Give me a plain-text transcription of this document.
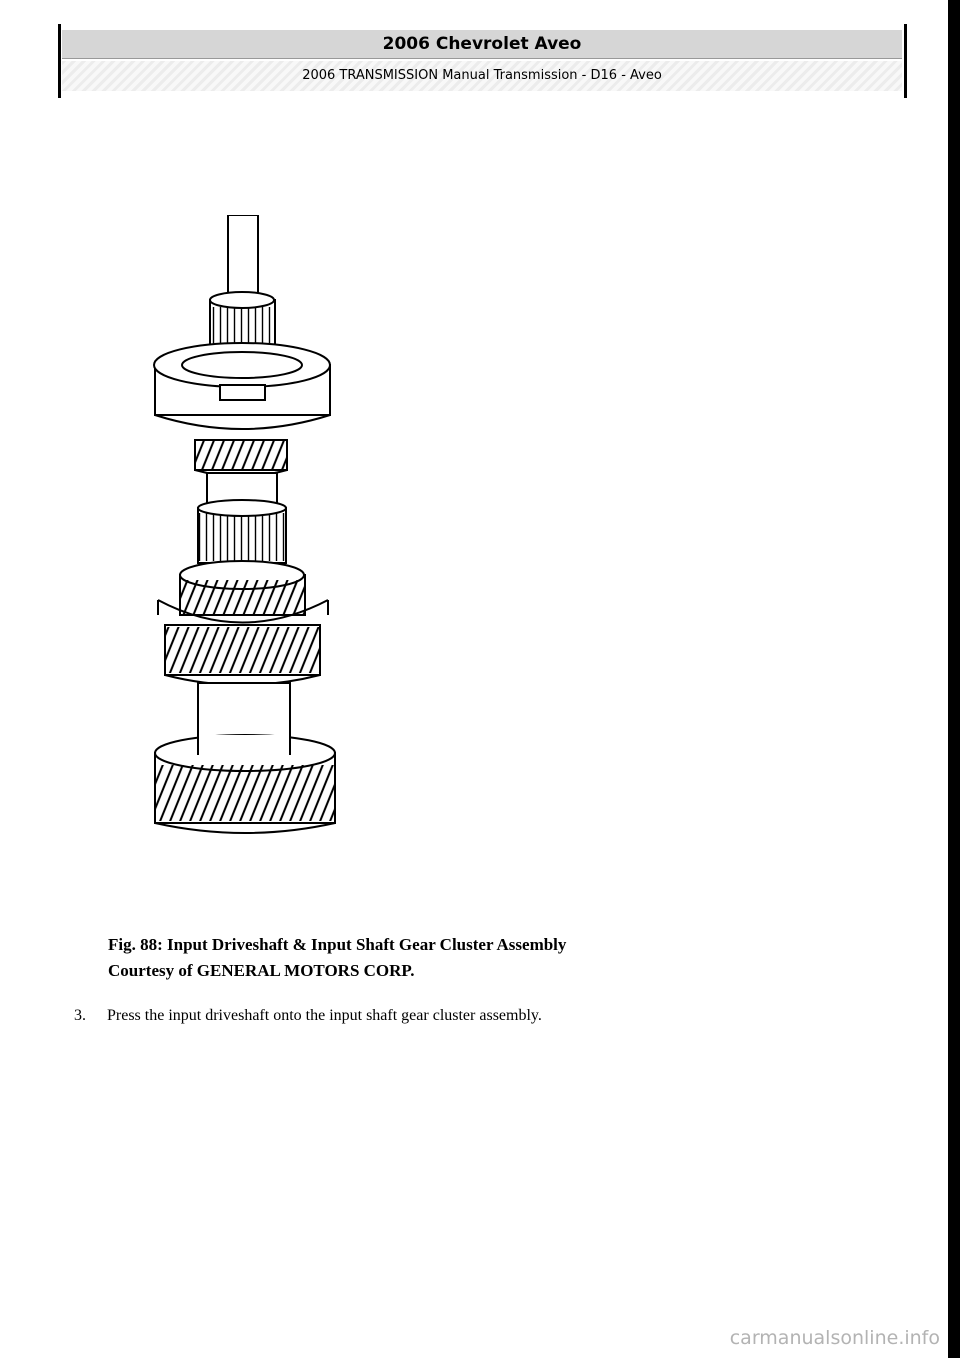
2006 Chevrolet Aveo
2006 TRANSMISSION Manual Transmission - D16 - Aveo
Fig. 88: Input Driveshaft & Input Shaft Gear Cluster Assembly
Courtesy of GENERAL MOTORS CORP.
3. Press the input driveshaft onto the input shaft gear cluster assembly.
carmanualsonline.info
